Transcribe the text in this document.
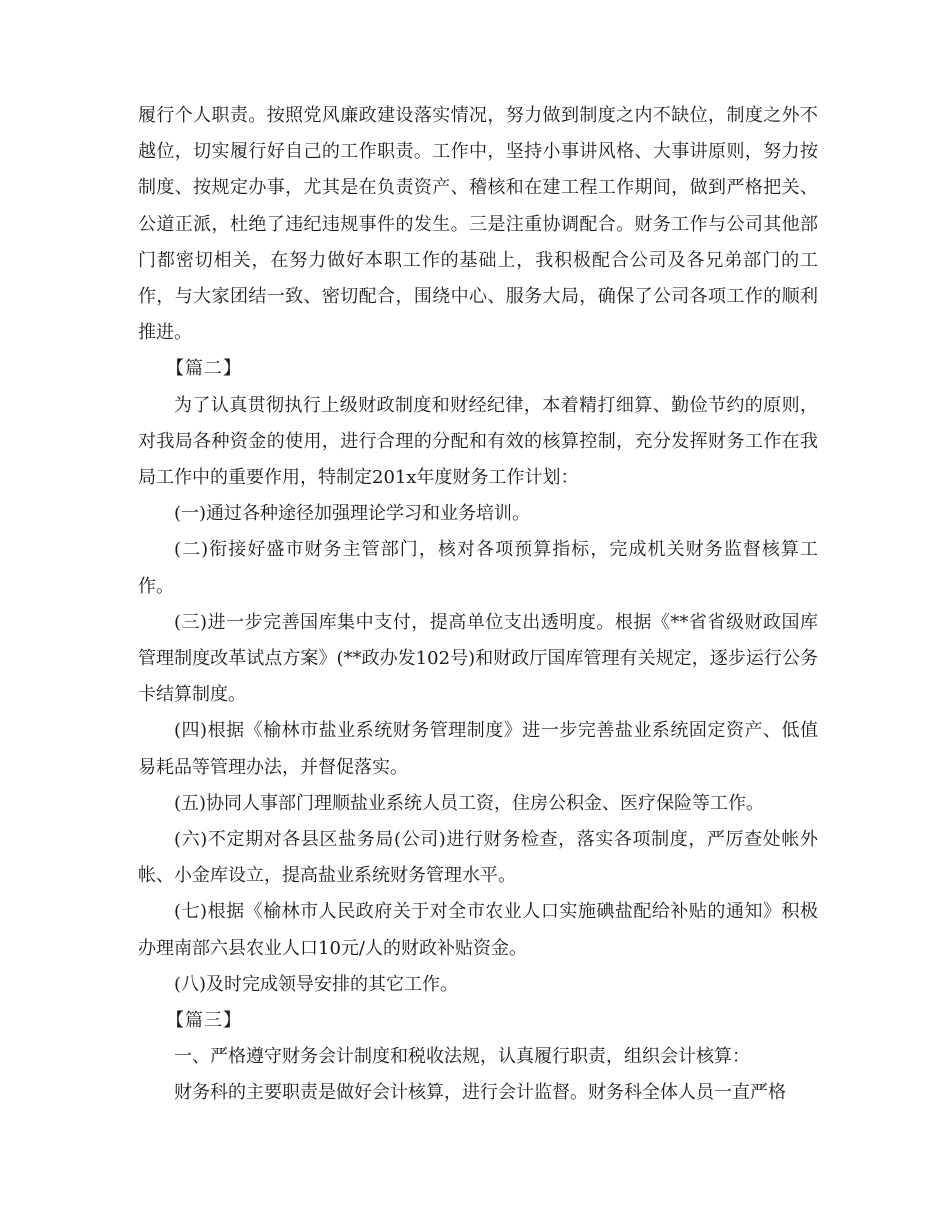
履行个人职责。按照党风廉政建设落实情况，努力做到制度之内不缺位，制度之外不越位，切实履行好自己的工作职责。工作中，坚持小事讲风格、大事讲原则，努力按制度、按规定办事，尤其是在负责资产、稽核和在建工程工作期间，做到严格把关、公道正派，杜绝了违纪违规事件的发生。三是注重协调配合。财务工作与公司其他部门都密切相关，在努力做好本职工作的基础上，我积极配合公司及各兄弟部门的工作，与大家团结一致、密切配合，围绕中心、服务大局，确保了公司各项工作的顺利推进。

【篇二】

为了认真贯彻执行上级财政制度和财经纪律，本着精打细算、勤俭节约的原则，对我局各种资金的使用，进行合理的分配和有效的核算控制，充分发挥财务工作在我局工作中的重要作用，特制定201x年度财务工作计划：

(一)通过各种途径加强理论学习和业务培训。

(二)衔接好盛市财务主管部门，核对各项预算指标，完成机关财务监督核算工作。

(三)进一步完善国库集中支付，提高单位支出透明度。根据《**省省级财政国库管理制度改革试点方案》(**政办发102号)和财政厅国库管理有关规定，逐步运行公务卡结算制度。

(四)根据《榆林市盐业系统财务管理制度》进一步完善盐业系统固定资产、低值易耗品等管理办法，并督促落实。

(五)协同人事部门理顺盐业系统人员工资，住房公积金、医疗保险等工作。

(六)不定期对各县区盐务局(公司)进行财务检查，落实各项制度，严厉查处帐外帐、小金库设立，提高盐业系统财务管理水平。

(七)根据《榆林市人民政府关于对全市农业人口实施碘盐配给补贴的通知》积极办理南部六县农业人口10元/人的财政补贴资金。

(八)及时完成领导安排的其它工作。

【篇三】

一、严格遵守财务会计制度和税收法规，认真履行职责，组织会计核算：

财务科的主要职责是做好会计核算，进行会计监督。财务科全体人员一直严格
